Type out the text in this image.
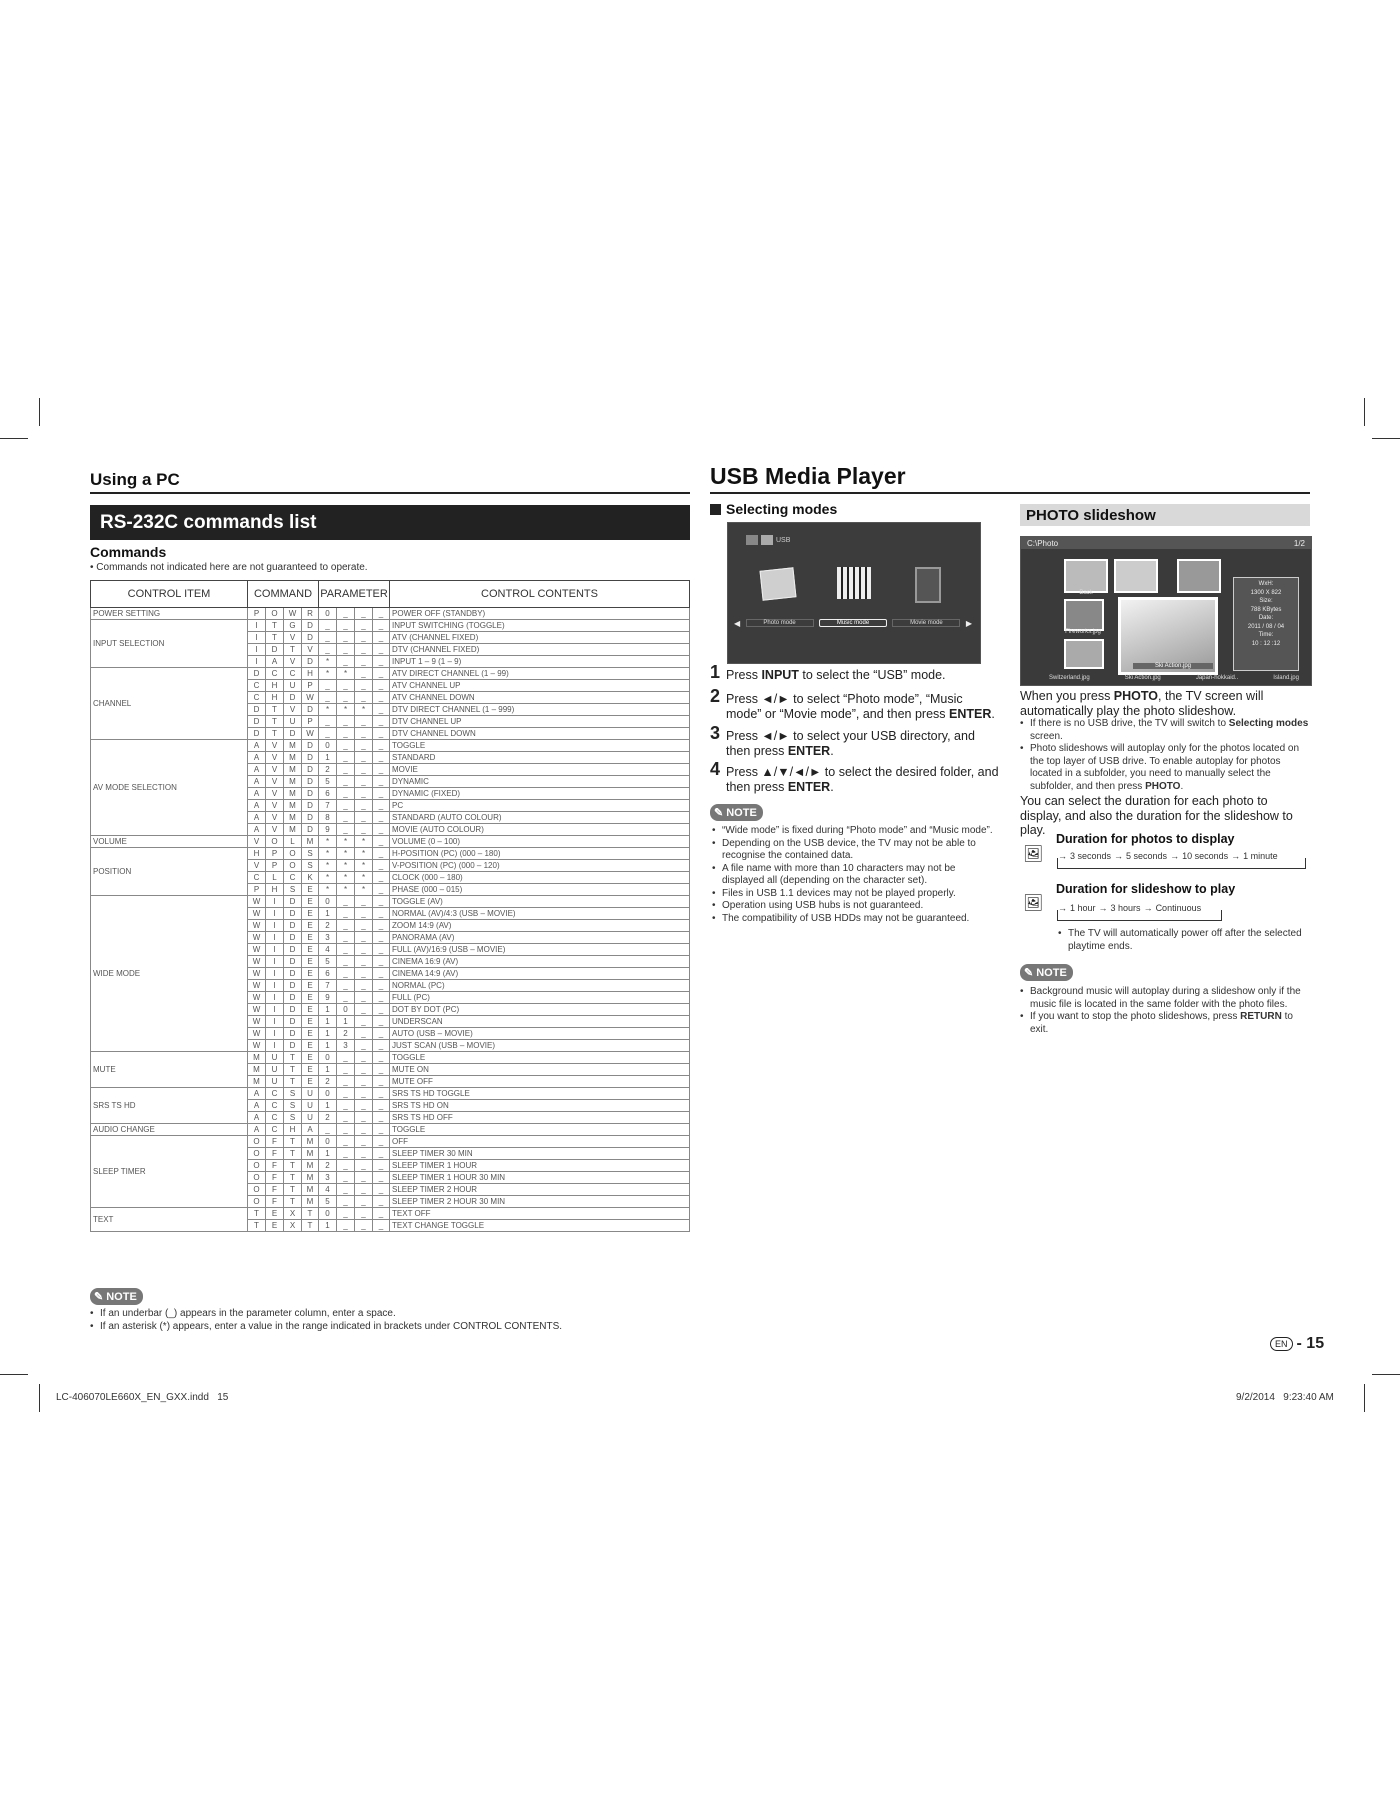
Using a PC
RS-232C commands list
Commands
• Commands not indicated here are not guaranteed to operate.
CONTROL ITEM	COMMAND				PARAMETER				CONTROL CONTENTS
POWER SETTING	P	O	W	R	0	_	_	_	POWER OFF (STANDBY)
INPUT SELECTION	I	T	G	D	_	_	_	_	INPUT SWITCHING (TOGGLE)
	I	T	V	D	_	_	_	_	ATV (CHANNEL FIXED)
	I	D	T	V	_	_	_	_	DTV (CHANNEL FIXED)
	I	A	V	D	*	_	_	_	INPUT 1 – 9 (1 – 9)
CHANNEL	D	C	C	H	*	*	_	_	ATV DIRECT CHANNEL (1 – 99)
	C	H	U	P	_	_	_	_	ATV CHANNEL UP
	C	H	D	W	_	_	_	_	ATV CHANNEL DOWN
	D	T	V	D	*	*	*	_	DTV DIRECT CHANNEL (1 – 999)
	D	T	U	P	_	_	_	_	DTV CHANNEL UP
	D	T	D	W	_	_	_	_	DTV CHANNEL DOWN
AV MODE SELECTION	A	V	M	D	0	_	_	_	TOGGLE
	A	V	M	D	1	_	_	_	STANDARD
	A	V	M	D	2	_	_	_	MOVIE
	A	V	M	D	5	_	_	_	DYNAMIC
	A	V	M	D	6	_	_	_	DYNAMIC (FIXED)
	A	V	M	D	7	_	_	_	PC
	A	V	M	D	8	_	_	_	STANDARD (AUTO COLOUR)
	A	V	M	D	9	_	_	_	MOVIE (AUTO COLOUR)
VOLUME	V	O	L	M	*	*	*	_	VOLUME (0 – 100)
POSITION	H	P	O	S	*	*	*	_	H-POSITION (PC) (000 – 180)
	V	P	O	S	*	*	*	_	V-POSITION (PC) (000 – 120)
	C	L	C	K	*	*	*	_	CLOCK (000 – 180)
	P	H	S	E	*	*	*	_	PHASE (000 – 015)
WIDE MODE	W	I	D	E	0	_	_	_	TOGGLE (AV)
	W	I	D	E	1	_	_	_	NORMAL (AV)/4:3 (USB – MOVIE)
	W	I	D	E	2	_	_	_	ZOOM 14:9 (AV)
	W	I	D	E	3	_	_	_	PANORAMA (AV)
	W	I	D	E	4	_	_	_	FULL (AV)/16:9 (USB – MOVIE)
	W	I	D	E	5	_	_	_	CINEMA 16:9 (AV)
	W	I	D	E	6	_	_	_	CINEMA 14:9 (AV)
	W	I	D	E	7	_	_	_	NORMAL (PC)
	W	I	D	E	9	_	_	_	FULL (PC)
	W	I	D	E	1	0	_	_	DOT BY DOT (PC)
	W	I	D	E	1	1	_	_	UNDERSCAN
	W	I	D	E	1	2	_	_	AUTO (USB – MOVIE)
	W	I	D	E	1	3	_	_	JUST SCAN (USB – MOVIE)
MUTE	M	U	T	E	0	_	_	_	TOGGLE
	M	U	T	E	1	_	_	_	MUTE ON
	M	U	T	E	2	_	_	_	MUTE OFF
SRS TS HD	A	C	S	U	0	_	_	_	SRS TS HD TOGGLE
	A	C	S	U	1	_	_	_	SRS TS HD ON
	A	C	S	U	2	_	_	_	SRS TS HD OFF
AUDIO CHANGE	A	C	H	A	_	_	_	_	TOGGLE
SLEEP TIMER	O	F	T	M	0	_	_	_	OFF
	O	F	T	M	1	_	_	_	SLEEP TIMER 30 MIN
	O	F	T	M	2	_	_	_	SLEEP TIMER 1 HOUR
	O	F	T	M	3	_	_	_	SLEEP TIMER 1 HOUR 30 MIN
	O	F	T	M	4	_	_	_	SLEEP TIMER 2 HOUR
	O	F	T	M	5	_	_	_	SLEEP TIMER 2 HOUR 30 MIN
TEXT	T	E	X	T	0	_	_	_	TEXT OFF
	T	E	X	T	1	_	_	_	TEXT CHANGE TOGGLE
✎ NOTE
• If an underbar (_) appears in the parameter column, enter a space.
• If an asterisk (*) appears, enter a value in the range indicated in brackets under CONTROL CONTENTS.
USB Media Player
Selecting modes
USB
◀	Photo mode	Music mode	Movie mode	▶
1 Press INPUT to select the “USB” mode.
2 Press ◄/► to select “Photo mode”, “Music mode” or “Movie mode”, and then press ENTER.
3 Press ◄/► to select your USB directory, and then press ENTER.
4 Press ▲/▼/◄/► to select the desired folder, and then press ENTER.
✎ NOTE
• “Wide mode” is fixed during “Photo mode” and “Music mode”.
• Depending on the USB device, the TV may not be able to recognise the contained data.
• A file name with more than 10 characters may not be displayed all (depending on the character set).
• Files in USB 1.1 devices may not be played properly.
• Operation using USB hubs is not guaranteed.
• The compatibility of USB HDDs may not be guaranteed.
PHOTO slideshow
C:\Photo	1/2
Back
Fireworks.jpg
Ski Action.jpg
WxH:
1300 X 822
Size:
788 KBytes
Date:
2011 / 08 / 04
Time:
10 : 12 :12
Switzerland.jpg	Ski Action.jpg	Japan-hokkaid..	Island.jpg
When you press PHOTO, the TV screen will automatically play the photo slideshow.
• If there is no USB drive, the TV will switch to Selecting modes screen.
• Photo slideshows will autoplay only for the photos located on the top layer of USB drive. To enable autoplay for photos located in a subfolder, you need to manually select the subfolder, and then press PHOTO.
You can select the duration for each photo to display, and also the duration for the slideshow to play.
Duration for photos to display
🖼	→ 3 seconds → 5 seconds → 10 seconds → 1 minute
Duration for slideshow to play
🖼	→ 1 hour → 3 hours → Continuous
• The TV will automatically power off after the selected playtime ends.
✎ NOTE
• Background music will autoplay during a slideshow only if the music file is located in the same folder with the photo files.
• If you want to stop the photo slideshows, press RETURN to exit.
EN - 15
LC-406070LE660X_EN_GXX.indd   15	9/2/2014   9:23:40 AM
